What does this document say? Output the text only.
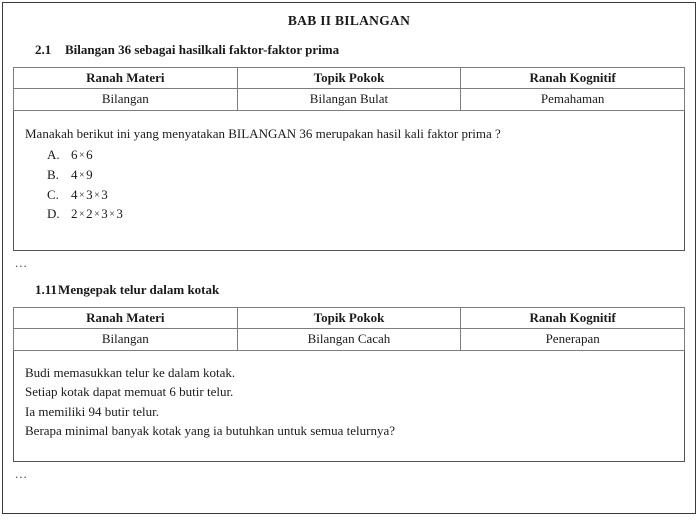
BAB II BILANGAN
2.1	Bilangan 36 sebagai hasilkali faktor-faktor prima
Ranah Materi	Topik Pokok	Ranah Kognitif
Bilangan	Bilangan Bulat	Pemahaman

Manakah berikut ini yang menyatakan BILANGAN 36 merupakan hasil kali faktor prima ?

A. 6 × 6
B. 4 × 9
C. 4 × 3 × 3
D. 2 × 2 × 3 × 3
...
1.11 Mengepak telur dalam kotak
Ranah Materi	Topik Pokok	Ranah Kognitif
Bilangan	Bilangan Cacah	Penerapan

Budi memasukkan telur ke dalam kotak.

Setiap kotak dapat memuat 6 butir telur.

Ia memiliki 94 butir telur.

Berapa minimal banyak kotak yang ia butuhkan untuk semua telurnya?

...
